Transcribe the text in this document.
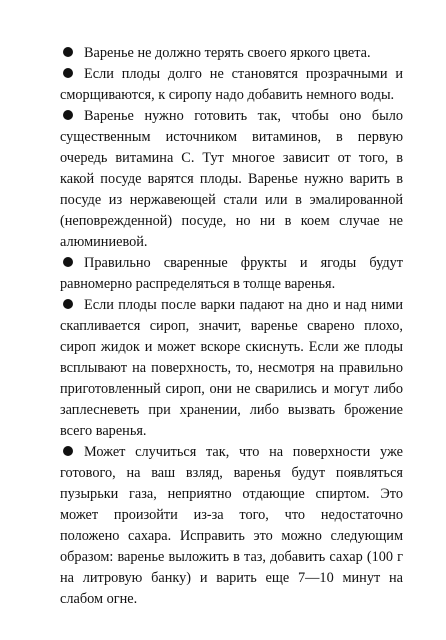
Варенье не должно терять своего яркого цвета.

Если плоды долго не становятся прозрачными и сморщиваются, к сиропу надо добавить немного воды.

Варенье нужно готовить так, чтобы оно было существенным источником витаминов, в первую очередь витамина С. Тут многое зависит от того, в какой посуде варятся плоды. Варенье нужно варить в посуде из нержавеющей стали или в эмалированной (неповрежденной) посуде, но ни в коем случае не алюминиевой.

Правильно сваренные фрукты и ягоды будут равномерно распределяться в толще варенья.

Если плоды после варки падают на дно и над ними скапливается сироп, значит, варенье сварено плохо, сироп жидок и может вскоре скиснуть. Если же плоды всплывают на поверхность, то, несмотря на правильно приготовленный сироп, они не сварились и могут либо заплесневеть при хранении, либо вызвать брожение всего варенья.

Может случиться так, что на поверхности уже готового, на ваш взляд, варенья будут появляться пузырьки газа, неприятно отдающие спиртом. Это может произойти из-за того, что недостаточно положено сахара. Исправить это можно следующим образом: варенье выложить в таз, добавить сахар (100 г на литровую банку) и варить еще 7—10 минут на слабом огне.
